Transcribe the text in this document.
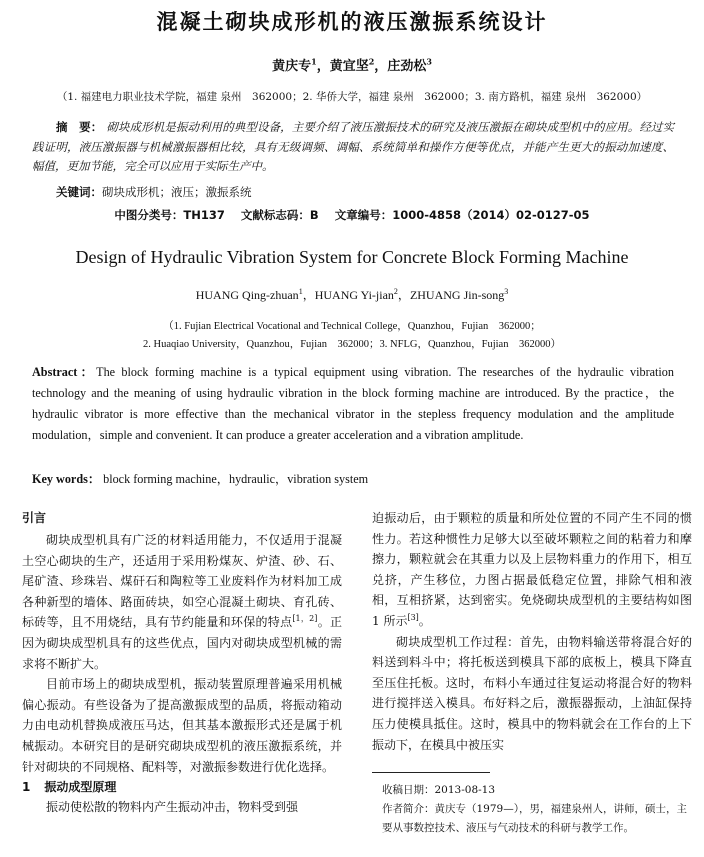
混凝土砌块成形机的液压激振系统设计
黄庆专$^1$，黄宜坚$^2$，庄劲松$^3$
（1. 福建电力职业技术学院，福建 泉州　362000；2. 华侨大学，福建 泉州　362000；3. 南方路机，福建 泉州　362000）
摘　要： 砌块成形机是振动利用的典型设备，主要介绍了液压激振技术的研究及液压激振在砌块成型机中的应用。经过实践证明，液压激振器与机械激振器相比较，具有无级调频、调幅、系统简单和操作方便等优点，并能产生更大的振动加速度、幅值，更加节能，完全可以应用于实际生产中。
关键词：砌块成形机；液压；激振系统
中图分类号：TH137 文献标志码：B 文章编号：1000-4858（2014）02-0127-05
Design of Hydraulic Vibration System for Concrete Block Forming Machine
HUANG Qing-zhuan$^1$，HUANG Yi-jian$^2$，ZHUANG Jin-song$^3$
（1. Fujian Electrical Vocational and Technical College，Quanzhou，Fujian　362000；
2. Huaqiao University，Quanzhou，Fujian　362000；3. NFLG，Quanzhou，Fujian　362000）
Abstract：The block forming machine is a typical equipment using vibration. The researches of the hydraulic vibration technology and the meaning of using hydraulic vibration in the block forming machine are introduced. By the practice，the hydraulic vibrator is more effective than the mechanical vibrator in the stepless frequency modulation and the amplitude modulation，simple and convenient. It can produce a greater acceleration and a vibration amplitude.
Key words： block forming machine，hydraulic，vibration system
引言

砌块成型机具有广泛的材料适用能力，不仅适用于混凝土空心砌块的生产，还适用于采用粉煤灰、炉渣、砂、石、尾矿渣、珍珠岩、煤矸石和陶粒等工业废料作为材料加工成各种新型的墙体、路面砖块，如空心混凝土砌块、育孔砖、标砖等，且不用烧结，具有节约能量和环保的特点[1，2]。正因为砌块成型机具有的这些优点，国内对砌块成型机械的需求将不断扩大。

目前市场上的砌块成型机，振动装置原理普遍采用机械偏心振动。有些设备为了提高激振成型的品质，将振动箱动力由电动机替换成液压马达，但其基本激振形式还是属于机械振动。本研究目的是研究砌块成型机的液压激振系统，并针对砌块的不同规格、配料等，对激振参数进行优化选择。

1 振动成型原理

振动使松散的物料内产生振动冲击，物料受到强

迫振动后，由于颗粒的质量和所处位置的不同产生不同的惯性力。若这种惯性力足够大以至破坏颗粒之间的粘着力和摩擦力，颗粒就会在其重力以及上层物料重力的作用下，相互兑挤，产生移位，力图占据最低稳定位置，排除气相和液相，互相挤紧，达到密实。免烧砌块成型机的主要结构如图 1 所示[3]。

砌块成型机工作过程：首先，由物料输送带将混合好的料送到料斗中；将托板送到模具下部的底板上，模具下降直至压住托板。这时，布料小车通过往复运动将混合好的物料进行搅拌送入模具。布好料之后，激振器振动，上油缸保持压力使模具抵住。这时，模具中的物料就会在工作台的上下振动下，在模具中被压实

收稿日期：2013-08-13
作者简介：黄庆专（1979—），男，福建泉州人，讲师，硕士，主要从事数控技术、液压与气动技术的科研与教学工作。
